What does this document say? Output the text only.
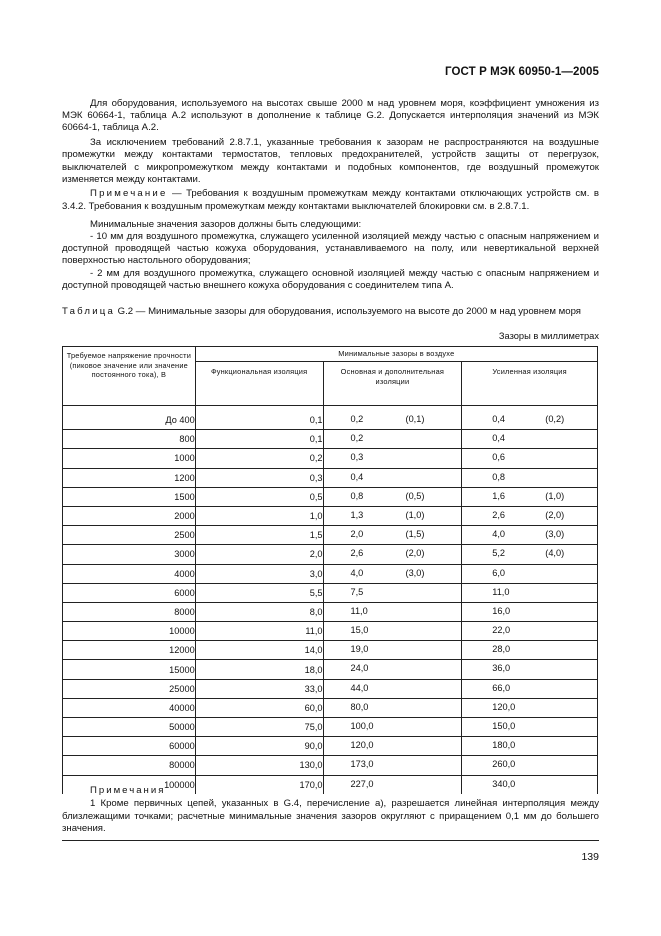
ГОСТ Р МЭК 60950-1—2005

Для оборудования, используемого на высотах свыше 2000 м над уровнем моря, коэффициент умножения из МЭК 60664-1, таблица А.2 используют в дополнение к таблице G.2. Допускается интерполяция значений из МЭК 60664-1, таблица А.2.

За исключением требований 2.8.7.1, указанные требования к зазорам не распространяются на воздушные промежутки между контактами термостатов, тепловых предохранителей, устройств защиты от перегрузок, выключателей с микропромежутком между контактами и подобных компонентов, где воздушный промежуток изменяется между контактами.

Примечание — Требования к воздушным промежуткам между контактами отключающих устройств см. в 3.4.2. Требования к воздушным промежуткам между контактами выключателей блокировки см. в 2.8.7.1.

Минимальные значения зазоров должны быть следующими:

- 10 мм для воздушного промежутка, служащего усиленной изоляцией между частью с опасным напряжением и доступной проводящей частью кожуха оборудования, устанавливаемого на полу, или невертикальной верхней поверхностью настольного оборудования;

- 2 мм для воздушного промежутка, служащего основной изоляцией между частью с опасным напряжением и доступной проводящей частью внешнего кожуха оборудования с соединителем типа А.

Таблица G.2 — Минимальные зазоры для оборудования, используемого на высоте до 2000 м над уровнем моря
Зазоры в миллиметрах
Требуемое напряжение прочности (пиковое значение или значение постоянного тока), В	Минимальные зазоры в воздухе		
	Функциональная изоляция	Основная и дополнительная изоляции	Усиленная изоляция

До 400	0,1	0,2 (0,1)	0,4 (0,2)

800	0,1	0,2	0,4

1000	0,2	0,3	0,6

1200	0,3	0,4	0,8

1500	0,5	0,8 (0,5)	1,6 (1,0)

2000	1,0	1,3 (1,0)	2,6 (2,0)

2500	1,5	2,0 (1,5)	4,0 (3,0)

3000	2,0	2,6 (2,0)	5,2 (4,0)

4000	3,0	4,0 (3,0)	6,0

6000	5,5	7,5	11,0

8000	8,0	11,0	16,0

10000	11,0	15,0	22,0

12000	14,0	19,0	28,0

15000	18,0	24,0	36,0

25000	33,0	44,0	66,0

40000	60,0	80,0	120,0

50000	75,0	100,0	150,0

60000	90,0	120,0	180,0

80000	130,0	173,0	260,0

100000	170,0	227,0	340,0
Примечания

1 Кроме первичных цепей, указанных в G.4, перечисление а), разрешается линейная интерполяция между близлежащими точками; расчетные минимальные значения зазоров округляют с приращением 0,1 мм до большего значения.

139
